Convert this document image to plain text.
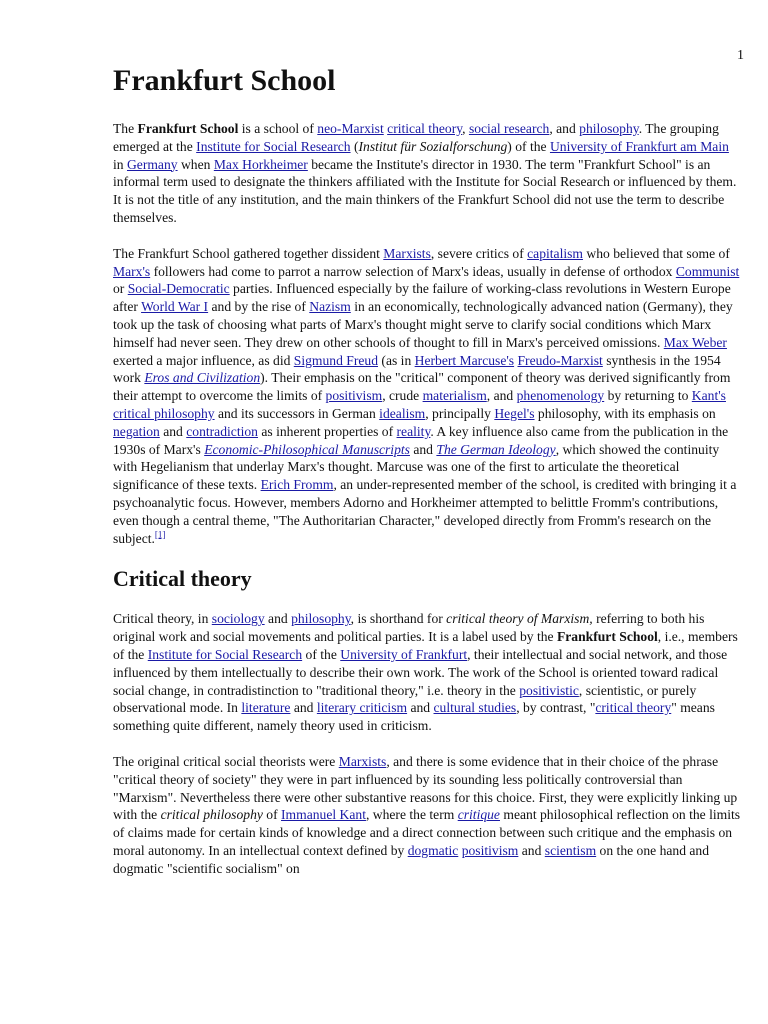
1
Frankfurt School

The Frankfurt School is a school of neo-Marxist critical theory, social research, and philosophy. The grouping emerged at the Institute for Social Research (Institut für Sozialforschung) of the University of Frankfurt am Main in Germany when Max Horkheimer became the Institute's director in 1930. The term "Frankfurt School" is an informal term used to designate the thinkers affiliated with the Institute for Social Research or influenced by them. It is not the title of any institution, and the main thinkers of the Frankfurt School did not use the term to describe themselves.

The Frankfurt School gathered together dissident Marxists, severe critics of capitalism who believed that some of Marx's followers had come to parrot a narrow selection of Marx's ideas, usually in defense of orthodox Communist or Social-Democratic parties. Influenced especially by the failure of working-class revolutions in Western Europe after World War I and by the rise of Nazism in an economically, technologically advanced nation (Germany), they took up the task of choosing what parts of Marx's thought might serve to clarify social conditions which Marx himself had never seen. They drew on other schools of thought to fill in Marx's perceived omissions. Max Weber exerted a major influence, as did Sigmund Freud (as in Herbert Marcuse's Freudo-Marxist synthesis in the 1954 work Eros and Civilization). Their emphasis on the "critical" component of theory was derived significantly from their attempt to overcome the limits of positivism, crude materialism, and phenomenology by returning to Kant's critical philosophy and its successors in German idealism, principally Hegel's philosophy, with its emphasis on negation and contradiction as inherent properties of reality. A key influence also came from the publication in the 1930s of Marx's Economic-Philosophical Manuscripts and The German Ideology, which showed the continuity with Hegelianism that underlay Marx's thought. Marcuse was one of the first to articulate the theoretical significance of these texts. Erich Fromm, an under-represented member of the school, is credited with bringing it a psychoanalytic focus. However, members Adorno and Horkheimer attempted to belittle Fromm's contributions, even though a central theme, "The Authoritarian Character," developed directly from Fromm's research on the subject.[1]

Critical theory

Critical theory, in sociology and philosophy, is shorthand for critical theory of Marxism, referring to both his original work and social movements and political parties. It is a label used by the Frankfurt School, i.e., members of the Institute for Social Research of the University of Frankfurt, their intellectual and social network, and those influenced by them intellectually to describe their own work. The work of the School is oriented toward radical social change, in contradistinction to "traditional theory," i.e. theory in the positivistic, scientistic, or purely observational mode. In literature and literary criticism and cultural studies, by contrast, "critical theory" means something quite different, namely theory used in criticism.

The original critical social theorists were Marxists, and there is some evidence that in their choice of the phrase "critical theory of society" they were in part influenced by its sounding less politically controversial than "Marxism". Nevertheless there were other substantive reasons for this choice. First, they were explicitly linking up with the critical philosophy of Immanuel Kant, where the term critique meant philosophical reflection on the limits of claims made for certain kinds of knowledge and a direct connection between such critique and the emphasis on moral autonomy. In an intellectual context defined by dogmatic positivism and scientism on the one hand and dogmatic "scientific socialism" on
